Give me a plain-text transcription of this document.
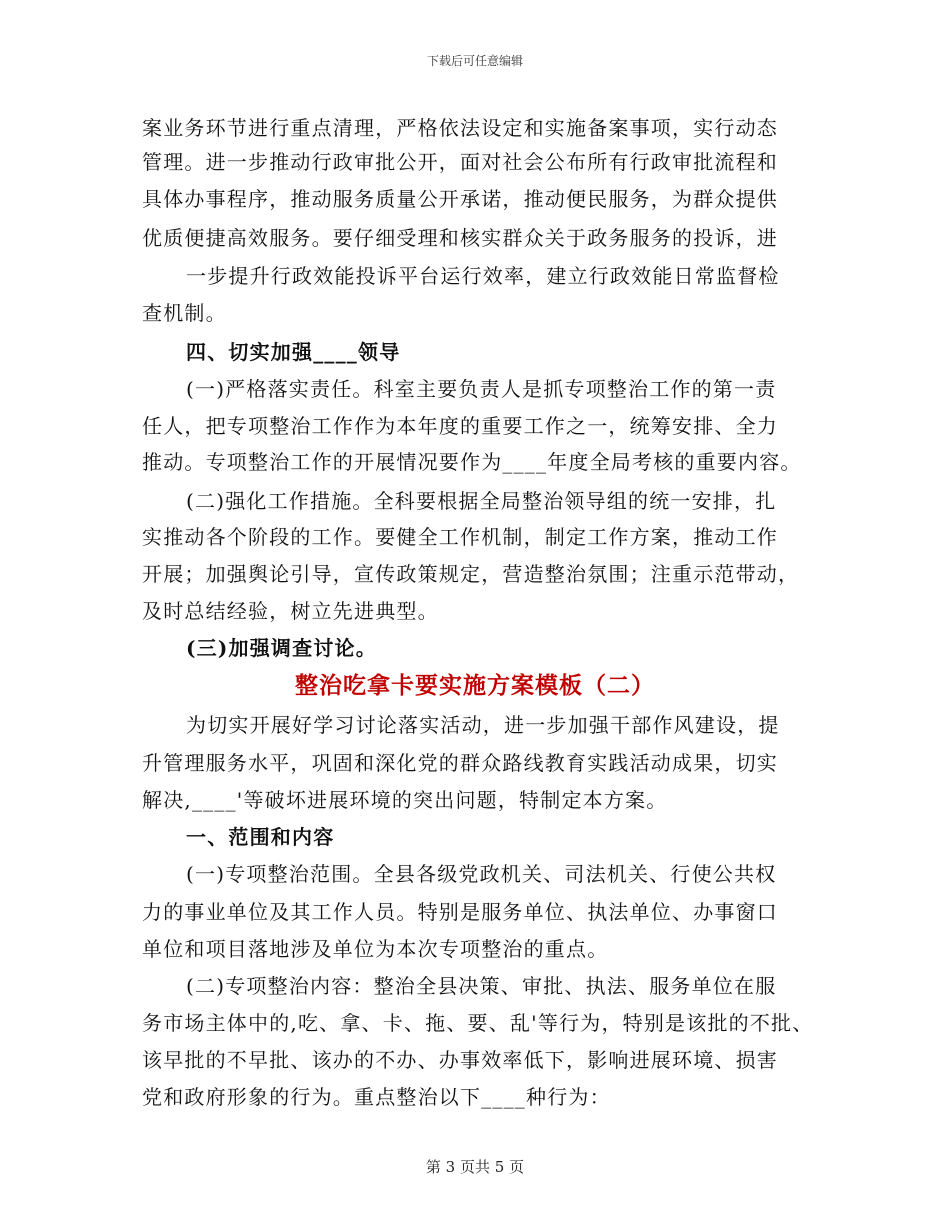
下载后可任意编辑
案业务环节进行重点清理，严格依法设定和实施备案事项，实行动态
管理。进一步推动行政审批公开，面对社会公布所有行政审批流程和
具体办事程序，推动服务质量公开承诺，推动便民服务，为群众提供
优质便捷高效服务。要仔细受理和核实群众关于政务服务的投诉，进
一步提升行政效能投诉平台运行效率，建立行政效能日常监督检
查机制。
四、切实加强____领导
(一)严格落实责任。科室主要负责人是抓专项整治工作的第一责
任人，把专项整治工作作为本年度的重要工作之一，统筹安排、全力
推动。专项整治工作的开展情况要作为____年度全局考核的重要内容。
(二)强化工作措施。全科要根据全局整治领导组的统一安排，扎
实推动各个阶段的工作。要健全工作机制，制定工作方案，推动工作
开展；加强舆论引导，宣传政策规定，营造整治氛围；注重示范带动，
及时总结经验，树立先进典型。
(三)加强调查讨论。
整治吃拿卡要实施方案模板（二）
为切实开展好学习讨论落实活动，进一步加强干部作风建设，提
升管理服务水平，巩固和深化党的群众路线教育实践活动成果，切实
解决,____'等破坏进展环境的突出问题，特制定本方案。
一、范围和内容
(一)专项整治范围。全县各级党政机关、司法机关、行使公共权
力的事业单位及其工作人员。特别是服务单位、执法单位、办事窗口
单位和项目落地涉及单位为本次专项整治的重点。
(二)专项整治内容：整治全县决策、审批、执法、服务单位在服
务市场主体中的,吃、拿、卡、拖、要、乱'等行为，特别是该批的不批、
该早批的不早批、该办的不办、办事效率低下，影响进展环境、损害
党和政府形象的行为。重点整治以下____种行为：
第 3 页共 5 页
